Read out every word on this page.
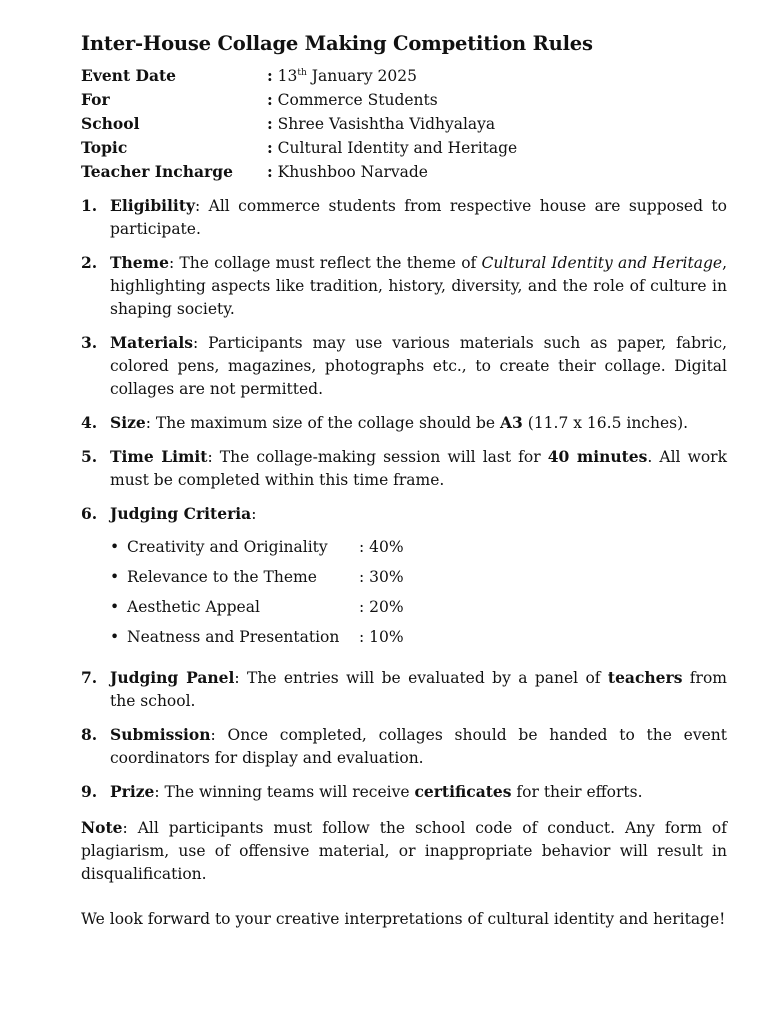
Inter-House Collage Making Competition Rules
Event Date	: 13th January 2025
For	: Commerce Students
School	: Shree Vasishtha Vidhyalaya
Topic	: Cultural Identity and Heritage
Teacher Incharge	: Khushboo Narvade
1. Eligibility: All commerce students from respective house are supposed to participate.
2. Theme: The collage must reflect the theme of Cultural Identity and Heritage, highlighting aspects like tradition, history, diversity, and the role of culture in shaping society.
3. Materials: Participants may use various materials such as paper, fabric, colored pens, magazines, photographs etc., to create their collage. Digital collages are not permitted.
4. Size: The maximum size of the collage should be A3 (11.7 x 16.5 inches).
5. Time Limit: The collage-making session will last for 40 minutes. All work must be completed within this time frame.
6. Judging Criteria:
• Creativity and Originality	: 40%
• Relevance to the Theme	: 30%
• Aesthetic Appeal	: 20%
• Neatness and Presentation	: 10%
7. Judging Panel: The entries will be evaluated by a panel of teachers from the school.
8. Submission: Once completed, collages should be handed to the event coordinators for display and evaluation.
9. Prize: The winning teams will receive certificates for their efforts.
Note: All participants must follow the school code of conduct. Any form of plagiarism, use of offensive material, or inappropriate behavior will result in disqualification.
We look forward to your creative interpretations of cultural identity and heritage!
